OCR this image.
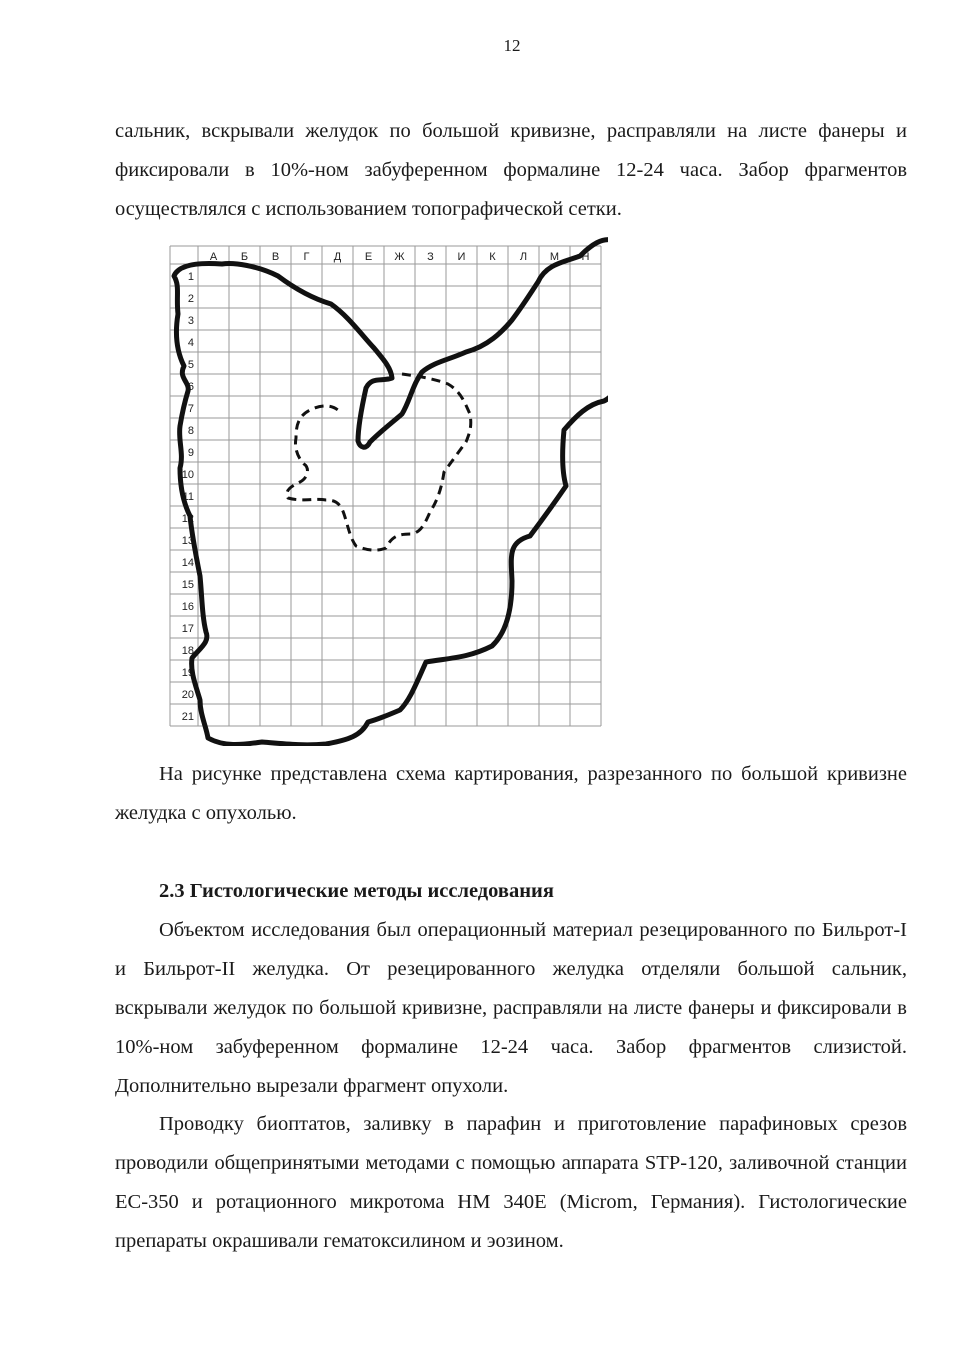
12

сальник, вскрывали желудок по большой кривизне, расправляли на листе фанеры и фиксировали в 10%-ном забуференном формалине 12-24 часа. Забор фрагментов осуществлялся с использованием топографической сетки.

А Б В Г Д Е Ж З И К Л М Н
1
2
3
4
5
6
7
8
9
10
11
12
13
14
15
16
17
18
19
20
21

На рисунке представлена схема картирования, разрезанного по большой кривизне желудка с опухолью.

2.3 Гистологические методы исследования

Объектом исследования был операционный материал резецированного по Бильрот-I и Бильрот-II желудка. От резецированного желудка отделяли большой сальник, вскрывали желудок по большой кривизне, расправляли на листе фанеры и фиксировали в 10%-ном забуференном формалине 12-24 часа. Забор фрагментов слизистой. Дополнительно вырезали фрагмент опухоли.

Проводку биоптатов, заливку в парафин и приготовление парафиновых срезов проводили общепринятыми методами с помощью аппарата STP-120, заливочной станции EC-350 и ротационного микротома HM 340E (Microm, Германия). Гистологические препараты окрашивали гематоксилином и эозином.
